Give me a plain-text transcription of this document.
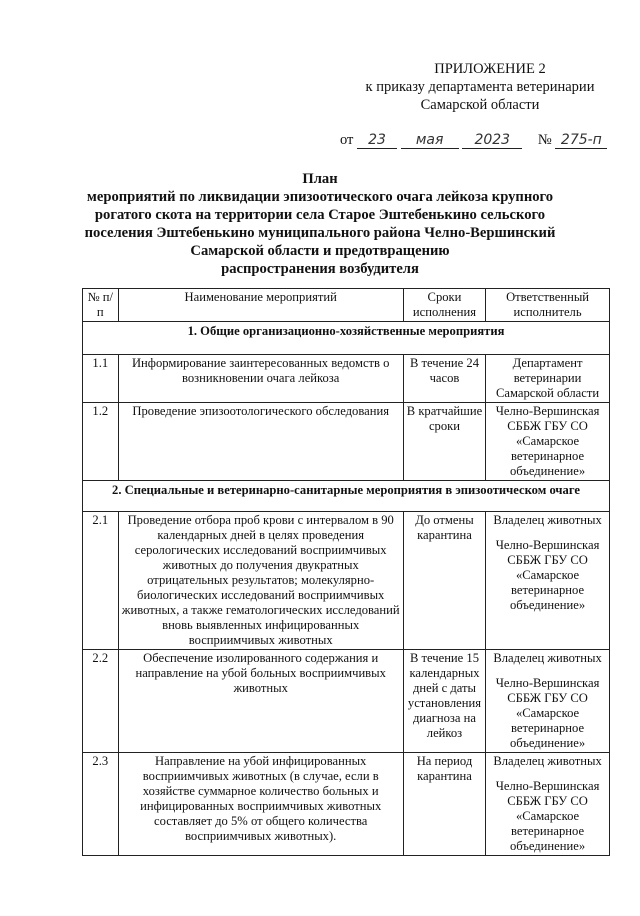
ПРИЛОЖЕНИЕ 2
к приказу департамента ветеринарии
Самарской области
от 23 мая 2023 № 275-п
План
мероприятий по ликвидации эпизоотического очага лейкоза крупного
рогатого скота на территории села Старое Эштебенькино сельского
поселения Эштебенькино муниципального района Челно-Вершинский
Самарской области и предотвращению
распространения возбудителя
№ п/п	Наименование мероприятий	Сроки исполнения	Ответственный исполнитель
1. Общие организационно-хозяйственные мероприятия			
1.1	Информирование заинтересованных ведомств о возникновении очага лейкоза	В течение 24 часов	Департамент ветеринарии Самарской области
1.2	Проведение эпизоотологического обследования	В кратчайшие сроки	Челно-Вершинская СББЖ ГБУ СО «Самарское ветеринарное объединение»
2. Специальные и ветеринарно-санитарные мероприятия в эпизоотическом очаге			
2.1	Проведение отбора проб крови с интервалом в 90 календарных дней в целях проведения серологических исследований восприимчивых животных до получения двукратных отрицательных результатов; молекулярно-биологических исследований восприимчивых животных, а также гематологических исследований вновь выявленных инфицированных восприимчивых животных	До отмены карантина	Владелец животных
Челно-Вершинская СББЖ ГБУ СО «Самарское ветеринарное объединение»
2.2	Обеспечение изолированного содержания и направление на убой больных восприимчивых животных	В течение 15 календарных дней с даты установления диагноза на лейкоз	Владелец животных
Челно-Вершинская СББЖ ГБУ СО «Самарское ветеринарное объединение»
2.3	Направление на убой инфицированных восприимчивых животных (в случае, если в хозяйстве суммарное количество больных и инфицированных восприимчивых животных составляет до 5% от общего количества восприимчивых животных).	На период карантина	Владелец животных
Челно-Вершинская СББЖ ГБУ СО «Самарское ветеринарное объединение»
